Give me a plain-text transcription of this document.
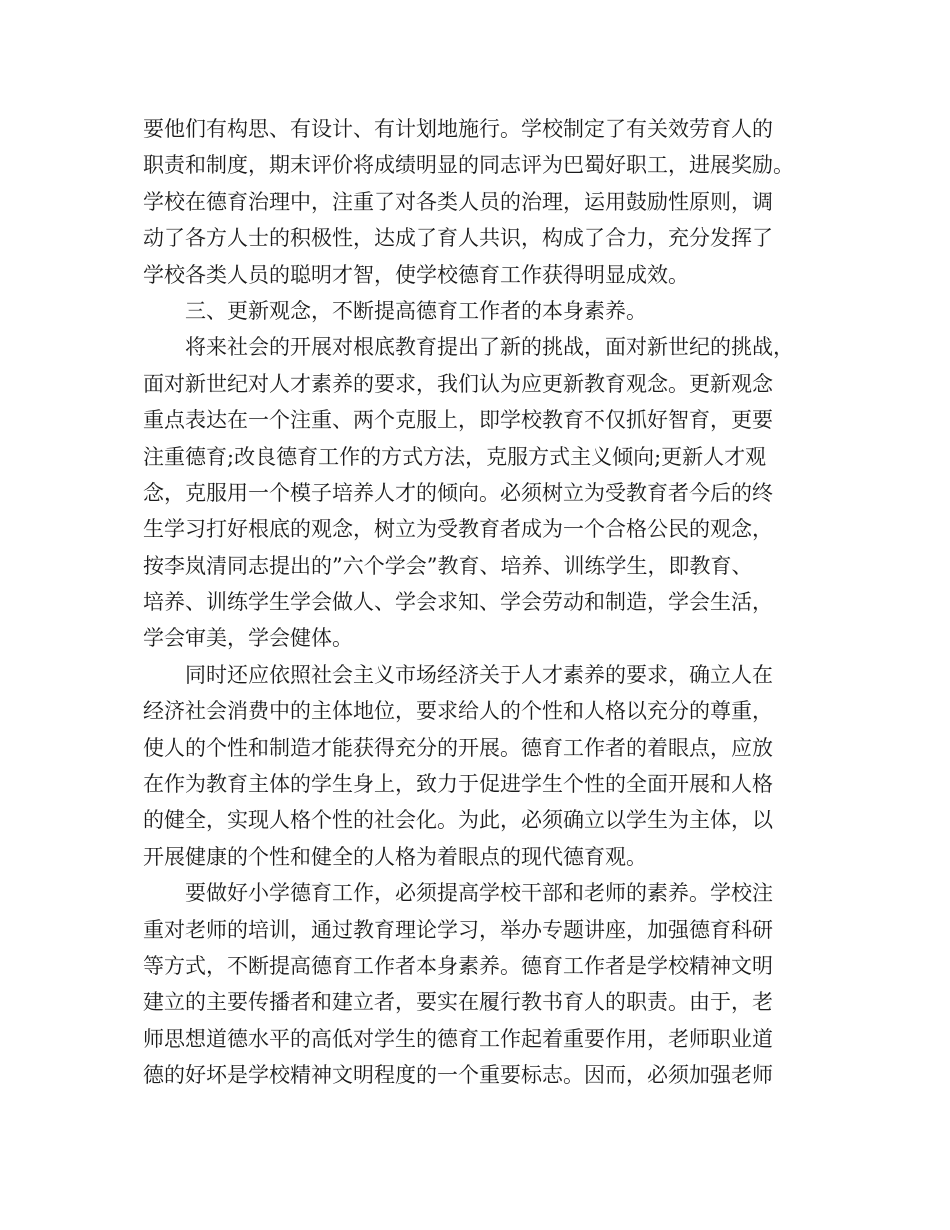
要他们有构思、有设计、有计划地施行。学校制定了有关效劳育人的
职责和制度，期末评价将成绩明显的同志评为巴蜀好职工，进展奖励。
学校在德育治理中，注重了对各类人员的治理，运用鼓励性原则，调
动了各方人士的积极性，达成了育人共识，构成了合力，充分发挥了
学校各类人员的聪明才智，使学校德育工作获得明显成效。
三、更新观念，不断提高德育工作者的本身素养。
将来社会的开展对根底教育提出了新的挑战，面对新世纪的挑战，
面对新世纪对人才素养的要求，我们认为应更新教育观念。更新观念
重点表达在一个注重、两个克服上，即学校教育不仅抓好智育，更要
注重德育;改良德育工作的方式方法，克服方式主义倾向;更新人才观
念，克服用一个模子培养人才的倾向。必须树立为受教育者今后的终
生学习打好根底的观念，树立为受教育者成为一个合格公民的观念，
按李岚清同志提出的”六个学会”教育、培养、训练学生，即教育、
培养、训练学生学会做人、学会求知、学会劳动和制造，学会生活，
学会审美，学会健体。
同时还应依照社会主义市场经济关于人才素养的要求，确立人在
经济社会消费中的主体地位，要求给人的个性和人格以充分的尊重，
使人的个性和制造才能获得充分的开展。德育工作者的着眼点，应放
在作为教育主体的学生身上，致力于促进学生个性的全面开展和人格
的健全，实现人格个性的社会化。为此，必须确立以学生为主体，以
开展健康的个性和健全的人格为着眼点的现代德育观。
要做好小学德育工作，必须提高学校干部和老师的素养。学校注
重对老师的培训，通过教育理论学习，举办专题讲座，加强德育科研
等方式，不断提高德育工作者本身素养。德育工作者是学校精神文明
建立的主要传播者和建立者，要实在履行教书育人的职责。由于，老
师思想道德水平的高低对学生的德育工作起着重要作用，老师职业道
德的好坏是学校精神文明程度的一个重要标志。因而，必须加强老师
